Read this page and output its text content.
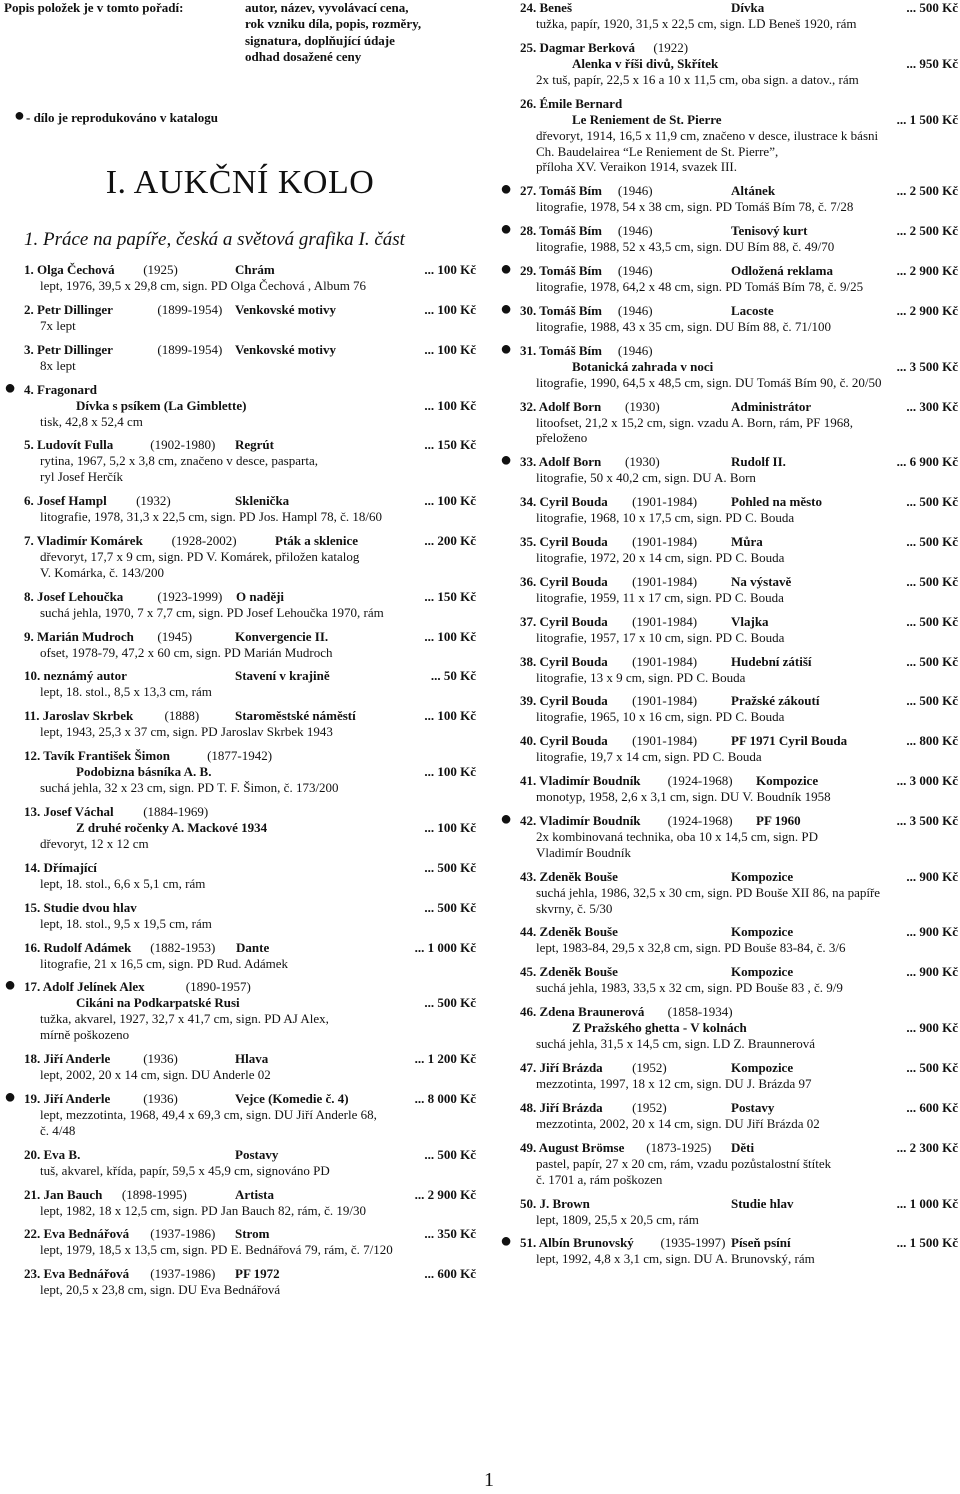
Popis položek je v tomto pořadí:	autor, název, vyvolávací cena,
rok vzniku díla, popis, rozměry,
signatura, doplňující údaje
odhad dosažené ceny
● - dílo je reprodukováno v katalogu
I. AUKČNÍ KOLO
1. Práce na papíře, česká a světová grafika I. část
1. Olga Čechová (1925)	Chrám	... 100 Kč
lept, 1976, 39,5 x 29,8 cm, sign. PD Olga Čechová , Album 76
2. Petr Dillinger	(1899-1954) Venkovské motivy	... 100 Kč
7x lept
3. Petr Dillinger	(1899-1954) Venkovské motivy	... 100 Kč
8x lept
● 4. Fragonard
Dívka s psíkem (La Gimblette)	... 100 Kč
tisk, 42,8 x 52,4 cm
5. Ludovít Fulla	(1902-1980) Regrút	... 150 Kč
rytina, 1967, 5,2 x 3,8 cm, značeno v desce, pasparta,
ryl Josef Herčík
6. Josef Hampl (1932)	Sklenička	... 100 Kč
litografie, 1978, 31,3 x 22,5 cm, sign. PD Jos. Hampl 78, č. 18/60
7. Vladimír Komárek (1928-2002)	Pták a sklenice	... 200 Kč
dřevoryt, 17,7 x 9 cm, sign. PD V. Komárek, přiložen katalog
V. Komárka, č. 143/200
8. Josef Lehoučka	(1923-1999) O naději	... 150 Kč
suchá jehla, 1970, 7 x 7,7 cm, sign. PD Josef Lehoučka 1970, rám
9. Marián Mudroch (1945)	Konvergencie II.	... 100 Kč
ofset, 1978-79, 47,2 x 60 cm, sign. PD Marián Mudroch
10. neznámý autor	Stavení v krajině	... 50 Kč
lept, 18. stol., 8,5 x 13,3 cm, rám
11. Jaroslav Skrbek (1888)	Staroměstské náměstí	... 100 Kč
lept, 1943, 25,3 x 37 cm, sign. PD Jaroslav Skrbek 1943
12. Tavík František Šimon	(1877-1942)
Podobizna básníka A. B.	... 100 Kč
suchá jehla, 32 x 23 cm, sign. PD T. F. Šimon, č. 173/200
13. Josef Váchal (1884-1969)
Z druhé ročenky A. Mackové 1934	... 100 Kč
dřevoryt, 12 x 12 cm
14. Dřímající	... 500 Kč
lept, 18. stol., 6,6 x 5,1 cm, rám
15. Studie dvou hlav	... 500 Kč
lept, 18. stol., 9,5 x 19,5 cm, rám
16. Rudolf Adámek (1882-1953) Dante	... 1 000 Kč
litografie, 21 x 16,5 cm, sign. PD Rud. Adámek
● 17. Adolf Jelínek Alex	(1890-1957)
Cikáni na Podkarpatské Rusi	... 500 Kč
tužka, akvarel, 1927, 32,7 x 41,7 cm, sign. PD AJ Alex,
mírně poškozeno
18. Jiří Anderle	(1936)	Hlava	... 1 200 Kč
lept, 2002, 20 x 14 cm, sign. DU Anderle 02
● 19. Jiří Anderle	(1936)	Vejce (Komedie č. 4)	... 8 000 Kč
lept, mezzotinta, 1968, 49,4 x 69,3 cm, sign. DU Jiří Anderle 68,
č. 4/48
20. Eva B.	Postavy	... 500 Kč
tuš, akvarel, křída, papír, 59,5 x 45,9 cm, signováno PD
21. Jan Bauch (1898-1995)	Artista	... 2 900 Kč
lept, 1982, 18 x 12,5 cm, sign. PD Jan Bauch 82, rám, č. 19/30
22. Eva Bednářová (1937-1986) Strom	... 350 Kč
lept, 1979, 18,5 x 13,5 cm, sign. PD E. Bednářová 79, rám, č. 7/120
23. Eva Bednářová (1937-1986) PF 1972	... 600 Kč
lept, 20,5 x 23,8 cm, sign. DU Eva Bednářová
24. Beneš	Dívka	... 500 Kč
tužka, papír, 1920, 31,5 x 22,5 cm, sign. LD Beneš 1920, rám
25. Dagmar Berková (1922)
Alenka v říši divů, Skřítek	... 950 Kč
2x tuš, papír, 22,5 x 16 a 10 x 11,5 cm, oba sign. a datov., rám
26. Émile Bernard
Le Reniement de St. Pierre	... 1 500 Kč
dřevoryt, 1914, 16,5 x 11,9 cm, značeno v desce, ilustrace k básni
Ch. Baudelairea “Le Reniement de St. Pierre”,
příloha XV. Veraikon 1914, svazek III.
● 27. Tomáš Bím (1946)	Altánek	... 2 500 Kč
litografie, 1978, 54 x 38 cm, sign. PD Tomáš Bím 78, č. 7/28
● 28. Tomáš Bím (1946)	Tenisový kurt	... 2 500 Kč
litografie, 1988, 52 x 43,5 cm, sign. DU Bím 88, č. 49/70
● 29. Tomáš Bím (1946)	Odložená reklama	... 2 900 Kč
litografie, 1978, 64,2 x 48 cm, sign. PD Tomáš Bím 78, č. 9/25
● 30. Tomáš Bím (1946)	Lacoste	... 2 900 Kč
litografie, 1988, 43 x 35 cm, sign. DU Bím 88, č. 71/100
● 31. Tomáš Bím (1946)
Botanická zahrada v noci	... 3 500 Kč
litografie, 1990, 64,5 x 48,5 cm, sign. DU Tomáš Bím 90, č. 20/50
32. Adolf Born (1930)	Administrátor	... 300 Kč
litoofset, 21,2 x 15,2 cm, sign. vzadu A. Born, rám, PF 1968,
přeloženo
● 33. Adolf Born (1930)	Rudolf II.	... 6 900 Kč
litografie, 50 x 40,2 cm, sign. DU A. Born
34. Cyril Bouda (1901-1984)	Pohled na město	... 500 Kč
litografie, 1968, 10 x 17,5 cm, sign. PD C. Bouda
35. Cyril Bouda (1901-1984)	Můra	... 500 Kč
litografie, 1972, 20 x 14 cm, sign. PD C. Bouda
36. Cyril Bouda (1901-1984)	Na výstavě	... 500 Kč
litografie, 1959, 11 x 17 cm, sign. PD C. Bouda
37. Cyril Bouda (1901-1984)	Vlajka	... 500 Kč
litografie, 1957, 17 x 10 cm, sign. PD C. Bouda
38. Cyril Bouda (1901-1984)	Hudební zátiší	... 500 Kč
litografie, 13 x 9 cm, sign. PD C. Bouda
39. Cyril Bouda (1901-1984)	Pražské zákoutí	... 500 Kč
litografie, 1965, 10 x 16 cm, sign. PD C. Bouda
40. Cyril Bouda (1901-1984)	PF 1971 Cyril Bouda	... 800 Kč
litografie, 19,7 x 14 cm, sign. PD C. Bouda
41. Vladimír Boudník (1924-1968) Kompozice	... 3 000 Kč
monotyp, 1958, 2,6 x 3,1 cm, sign. DU V. Boudník 1958
● 42. Vladimír Boudník (1924-1968) PF 1960	... 3 500 Kč
2x kombinovaná technika, oba 10 x 14,5 cm, sign. PD
Vladimír Boudník
43. Zdeněk Bouše	Kompozice	... 900 Kč
suchá jehla, 1986, 32,5 x 30 cm, sign. PD Bouše XII 86, na papíře
skvrny, č. 5/30
44. Zdeněk Bouše	Kompozice	... 900 Kč
lept, 1983-84, 29,5 x 32,8 cm, sign. PD Bouše 83-84, č. 3/6
45. Zdeněk Bouše	Kompozice	... 900 Kč
suchá jehla, 1983, 33,5 x 32 cm, sign. PD Bouše 83 , č. 9/9
46. Zdena Braunerová (1858-1934)
Z Pražského ghetta - V kolnách	... 900 Kč
suchá jehla, 31,5 x 14,5 cm, sign. LD Z. Braunnerová
47. Jiří Brázda (1952)	Kompozice	... 500 Kč
mezzotinta, 1997, 18 x 12 cm, sign. DU J. Brázda 97
48. Jiří Brázda (1952)	Postavy	... 600 Kč
mezzotinta, 2002, 20 x 14 cm, sign. DU Jiří Brázda 02
49. August Brömse (1873-1925) Děti	... 2 300 Kč
pastel, papír, 27 x 20 cm, rám, vzadu pozůstalostní štítek
č. 1701 a, rám poškozen
50. J. Brown	Studie hlav	... 1 000 Kč
lept, 1809, 25,5 x 20,5 cm, rám
● 51. Albín Brunovský (1935-1997) Píseň psíní	... 1 500 Kč
lept, 1992, 4,8 x 3,1 cm, sign. DU A. Brunovský, rám
1
